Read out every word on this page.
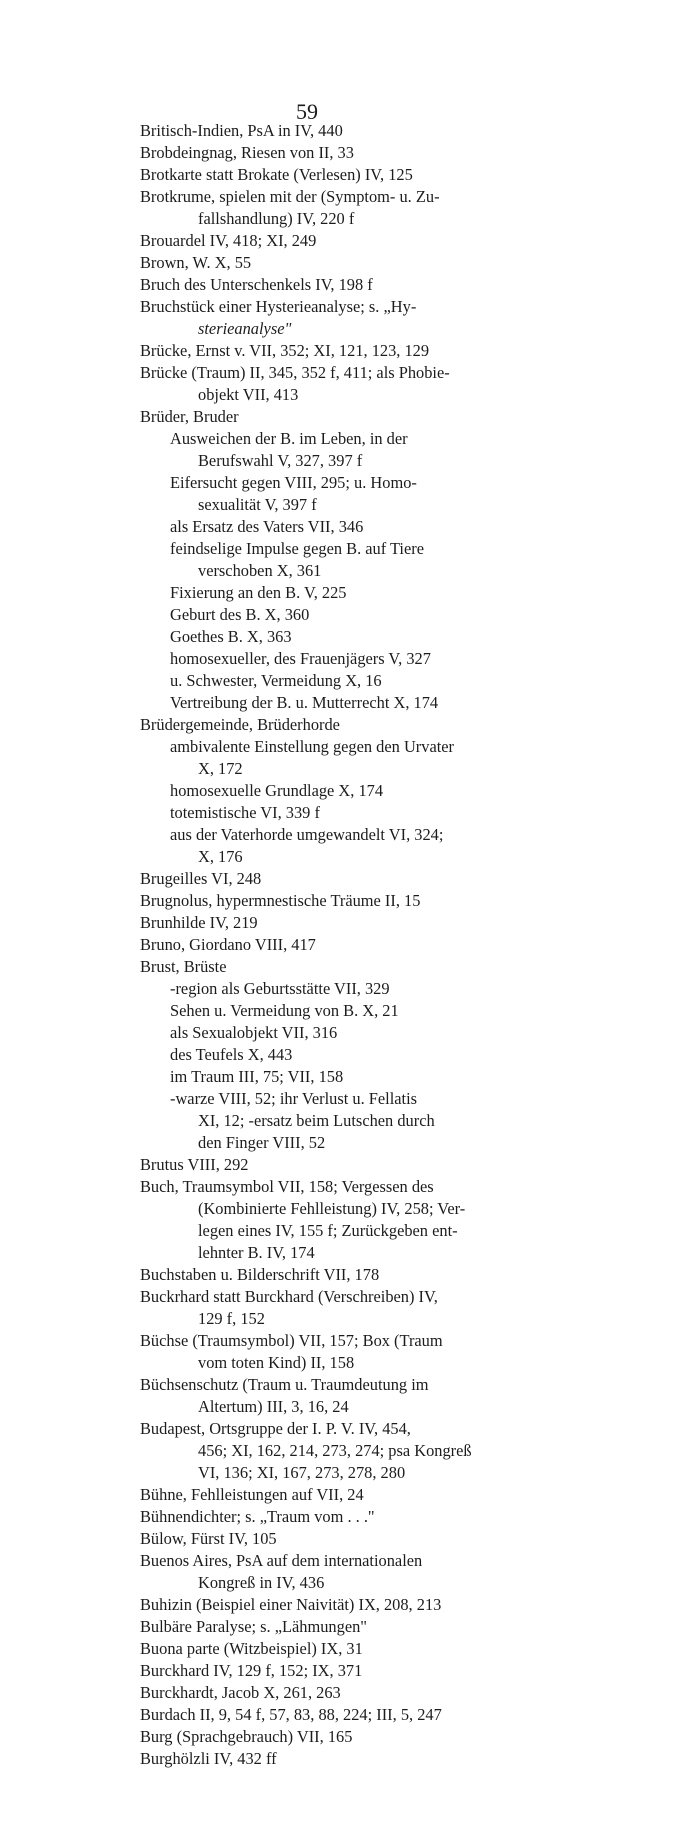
59
Britisch-Indien, PsA in IV, 440
Brobdeingnag, Riesen von II, 33
Brotkarte statt Brokate (Verlesen) IV, 125
Brotkrume, spielen mit der (Symptom- u. Zu-
fallshandlung) IV, 220 f
Brouardel IV, 418; XI, 249
Brown, W. X, 55
Bruch des Unterschenkels IV, 198 f
Bruchstück einer Hysterieanalyse; s. „Hy-
sterieanalyse"
Brücke, Ernst v. VII, 352; XI, 121, 123, 129
Brücke (Traum) II, 345, 352 f, 411; als Phobie-
objekt VII, 413
Brüder, Bruder
Ausweichen der B. im Leben, in der
Berufswahl V, 327, 397 f
Eifersucht gegen VIII, 295; u. Homo-
sexualität V, 397 f
als Ersatz des Vaters VII, 346
feindselige Impulse gegen B. auf Tiere
verschoben X, 361
Fixierung an den B. V, 225
Geburt des B. X, 360
Goethes B. X, 363
homosexueller, des Frauenjägers V, 327
u. Schwester, Vermeidung X, 16
Vertreibung der B. u. Mutterrecht X, 174
Brüdergemeinde, Brüderhorde
ambivalente Einstellung gegen den Urvater
X, 172
homosexuelle Grundlage X, 174
totemistische VI, 339 f
aus der Vaterhorde umgewandelt VI, 324;
X, 176
Brugeilles VI, 248
Brugnolus, hypermnestische Träume II, 15
Brunhilde IV, 219
Bruno, Giordano VIII, 417
Brust, Brüste
-region als Geburtsstätte VII, 329
Sehen u. Vermeidung von B. X, 21
als Sexualobjekt VII, 316
des Teufels X, 443
im Traum III, 75; VII, 158
-warze VIII, 52; ihr Verlust u. Fellatis
XI, 12; -ersatz beim Lutschen durch
den Finger VIII, 52
Brutus VIII, 292
Buch, Traumsymbol VII, 158; Vergessen des
(Kombinierte Fehlleistung) IV, 258; Ver-
legen eines IV, 155 f; Zurückgeben ent-
lehnter B. IV, 174
Buchstaben u. Bilderschrift VII, 178
Buckrhard statt Burckhard (Verschreiben) IV,
129 f, 152
Büchse (Traumsymbol) VII, 157; Box (Traum
vom toten Kind) II, 158
Büchsenschutz (Traum u. Traumdeutung im
Altertum) III, 3, 16, 24
Budapest, Ortsgruppe der I. P. V. IV, 454,
456; XI, 162, 214, 273, 274; psa Kongreß
VI, 136; XI, 167, 273, 278, 280
Bühne, Fehlleistungen auf VII, 24
Bühnendichter; s. „Traum vom . . ."
Bülow, Fürst IV, 105
Buenos Aires, PsA auf dem internationalen
Kongreß in IV, 436
Buhizin (Beispiel einer Naivität) IX, 208, 213
Bulbäre Paralyse; s. „Lähmungen"
Buona parte (Witzbeispiel) IX, 31
Burckhard IV, 129 f, 152; IX, 371
Burckhardt, Jacob X, 261, 263
Burdach II, 9, 54 f, 57, 83, 88, 224; III, 5, 247
Burg (Sprachgebrauch) VII, 165
Burghölzli IV, 432 ff
